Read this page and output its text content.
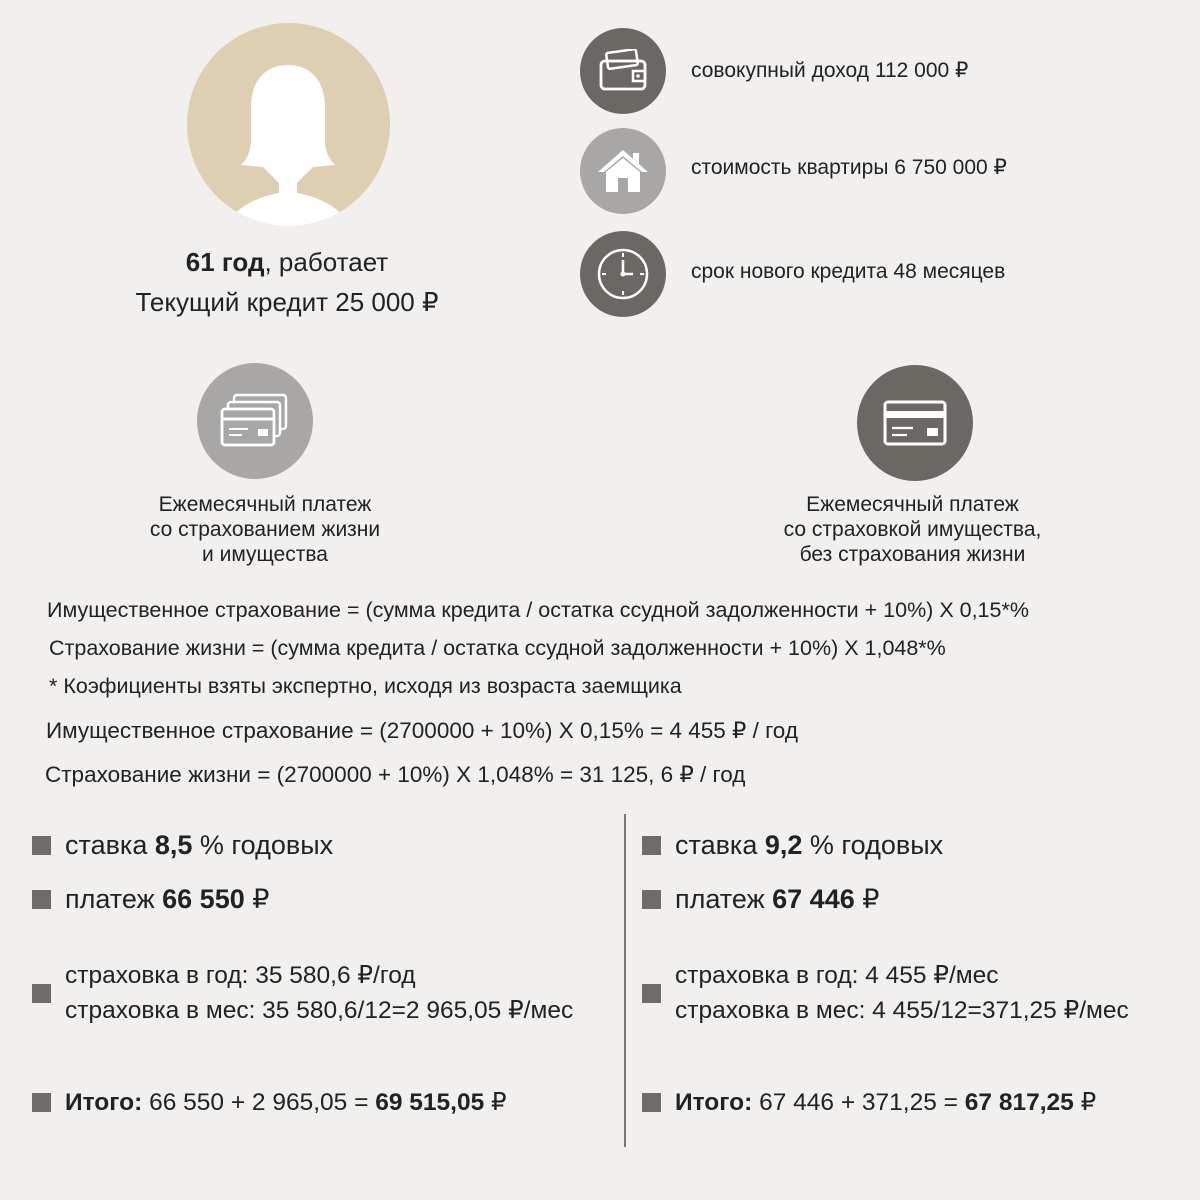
61 год, работает
Текущий кредит 25 000 ₽
совокупный доход 112 000 ₽
стоимость квартиры 6 750 000 ₽
срок нового кредита 48 месяцев
Ежемесячный платеж
со страхованием жизни
и имущества
Ежемесячный платеж
со страховкой имущества,
без страхования жизни
Имущественное страхование = (сумма кредита / остатка ссудной задолженности + 10%) X 0,15*%
Страхование жизни = (сумма кредита / остатка ссудной задолженности + 10%) X 1,048*%
* Коэфициенты взяты экспертно, исходя из возраста заемщика
Имущественное страхование = (2700000 + 10%) X 0,15% = 4 455 ₽ / год
Страхование жизни = (2700000 + 10%) X 1,048% = 31 125, 6 ₽ / год
ставка 8,5 % годовых
платеж 66 550 ₽
страховка в год: 35 580,6 ₽/год
страховка в мес: 35 580,6/12=2 965,05 ₽/мес
Итого: 66 550 + 2 965,05 = 69 515,05 ₽
ставка 9,2 % годовых
платеж 67 446 ₽
страховка в год: 4 455 ₽/мес
страховка в мес: 4 455/12=371,25 ₽/мес
Итого: 67 446 + 371,25 = 67 817,25 ₽
